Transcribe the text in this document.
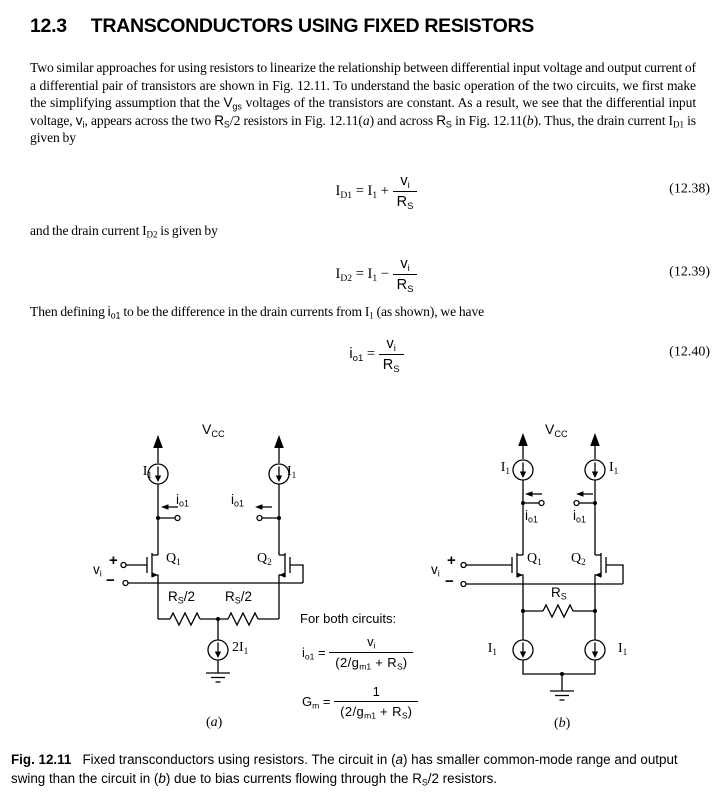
12.3 TRANSCONDUCTORS USING FIXED RESISTORS

Two similar approaches for using resistors to linearize the relationship between differential input voltage and output current of a differential pair of transistors are shown in Fig. 12.11. To understand the basic operation of the two circuits, we first make the simplifying assumption that the $V_{gs}$ voltages of the transistors are constant. As a result, we see that the differential input voltage, $v_i$, appears across the two $R_S/2$ resistors in Fig. 12.11(a) and across $R_S$ in Fig. 12.11(b). Thus, the drain current $I_{D1}$ is given by

$I_{D1} = I_1 + \frac{v_i}{R_S}$	(12.38)

and the drain current $I_{D2}$ is given by

$I_{D2} = I_1 - \frac{v_i}{R_S}$	(12.39)

Then defining $i_{o1}$ to be the difference in the drain currents from $I_1$ (as shown), we have

$i_{o1} = \frac{v_i}{R_S}$	(12.40)
$V_{CC}$
$I_1$	$I_1$
$i_{o1}$	$i_{o1}$
$v_i$
+
−
$Q_1$	$Q_2$
$R_S/2$ $R_S/2$
$2I_1$
(a)
$V_{CC}$
$I_1$	$I_1$
$i_{o1}$	$i_{o1}$
$v_i$
+
−
$Q_1$ $Q_2$
$R_S$
$I_1$	$I_1$
(b)
For both circuits:
$i_{o1} = \frac{v_i}{(2/g_{m1} + R_S)}$
$G_m = \frac{1}{(2/g_{m1} + R_S)}$

Fig. 12.11   Fixed transconductors using resistors. The circuit in (a) has smaller common-mode range and output swing than the circuit in (b) due to bias currents flowing through the $R_S/2$ resistors.
